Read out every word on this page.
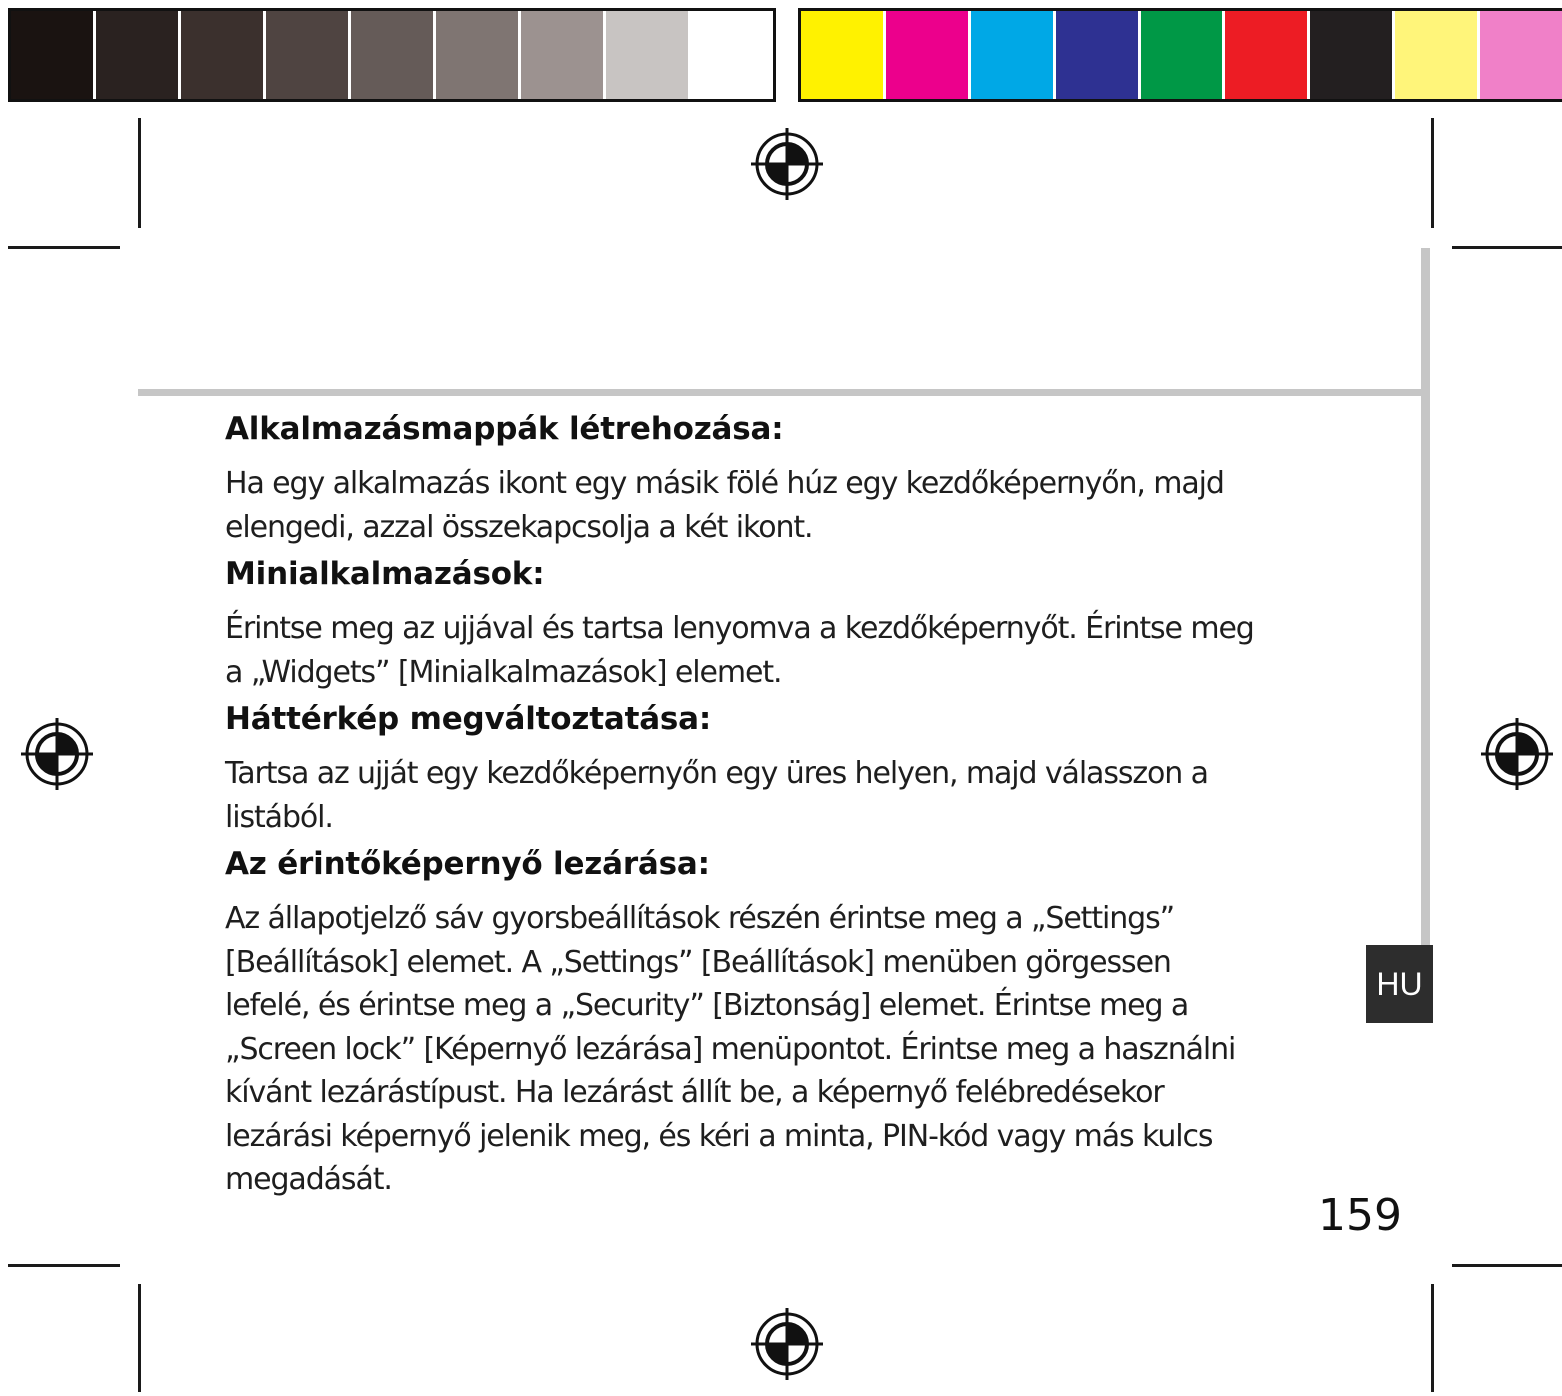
HU

Alkalmazásmappák létrehozása:

Ha egy alkalmazás ikont egy másik fölé húz egy kezdőképernyőn, majd

elengedi, azzal összekapcsolja a két ikont.

Minialkalmazások:

Érintse meg az ujjával és tartsa lenyomva a kezdőképernyőt. Érintse meg

a „Widgets” [Minialkalmazások] elemet.

Háttérkép megváltoztatása:

Tartsa az ujját egy kezdőképernyőn egy üres helyen, majd válasszon a

listából.

Az érintőképernyő lezárása:

Az állapotjelző sáv gyorsbeállítások részén érintse meg a „Settings”

[Beállítások] elemet. A „Settings” [Beállítások] menüben görgessen

lefelé, és érintse meg a „Security” [Biztonság] elemet. Érintse meg a

„Screen lock” [Képernyő lezárása] menüpontot. Érintse meg a használni

kívánt lezárástípust. Ha lezárást állít be, a képernyő felébredésekor

lezárási képernyő jelenik meg, és kéri a minta, PIN-kód vagy más kulcs

megadását.

159
